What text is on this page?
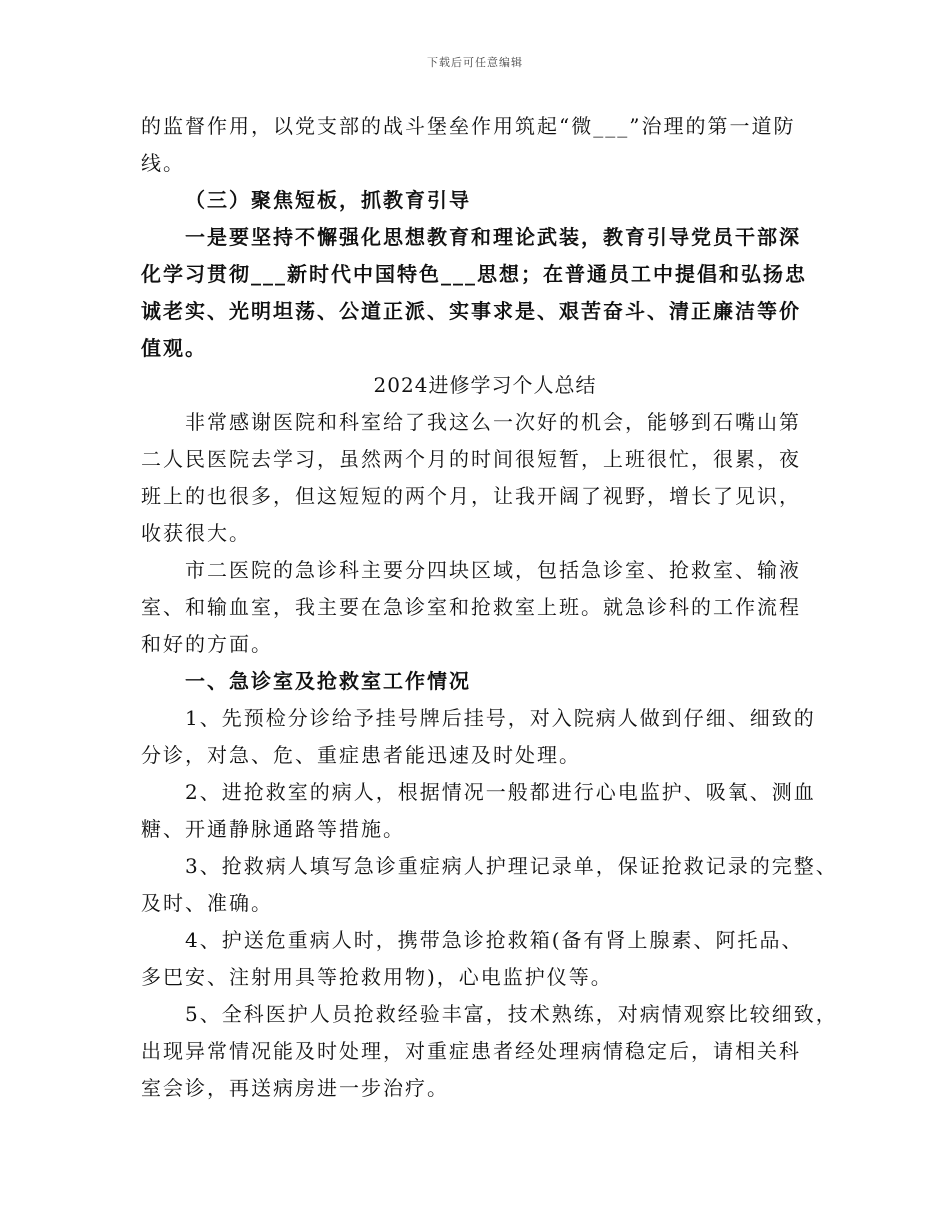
下载后可任意编辑
的监督作用，以党支部的战斗堡垒作用筑起“微___”治理的第一道防
线。
（三）聚焦短板，抓教育引导
一是要坚持不懈强化思想教育和理论武装，教育引导党员干部深
化学习贯彻___新时代中国特色___思想；在普通员工中提倡和弘扬忠
诚老实、光明坦荡、公道正派、实事求是、艰苦奋斗、清正廉洁等价
值观。
2024进修学习个人总结
非常感谢医院和科室给了我这么一次好的机会，能够到石嘴山第
二人民医院去学习，虽然两个月的时间很短暂，上班很忙，很累，夜
班上的也很多，但这短短的两个月，让我开阔了视野，增长了见识，
收获很大。
市二医院的急诊科主要分四块区域，包括急诊室、抢救室、输液
室、和输血室，我主要在急诊室和抢救室上班。就急诊科的工作流程
和好的方面。
一、急诊室及抢救室工作情况
1、先预检分诊给予挂号牌后挂号，对入院病人做到仔细、细致的
分诊，对急、危、重症患者能迅速及时处理。
2、进抢救室的病人，根据情况一般都进行心电监护、吸氧、测血
糖、开通静脉通路等措施。
3、抢救病人填写急诊重症病人护理记录单，保证抢救记录的完整、
及时、准确。
4、护送危重病人时，携带急诊抢救箱(备有肾上腺素、阿托品、
多巴安、注射用具等抢救用物)，心电监护仪等。
5、全科医护人员抢救经验丰富，技术熟练，对病情观察比较细致，
出现异常情况能及时处理，对重症患者经处理病情稳定后，请相关科
室会诊，再送病房进一步治疗。
